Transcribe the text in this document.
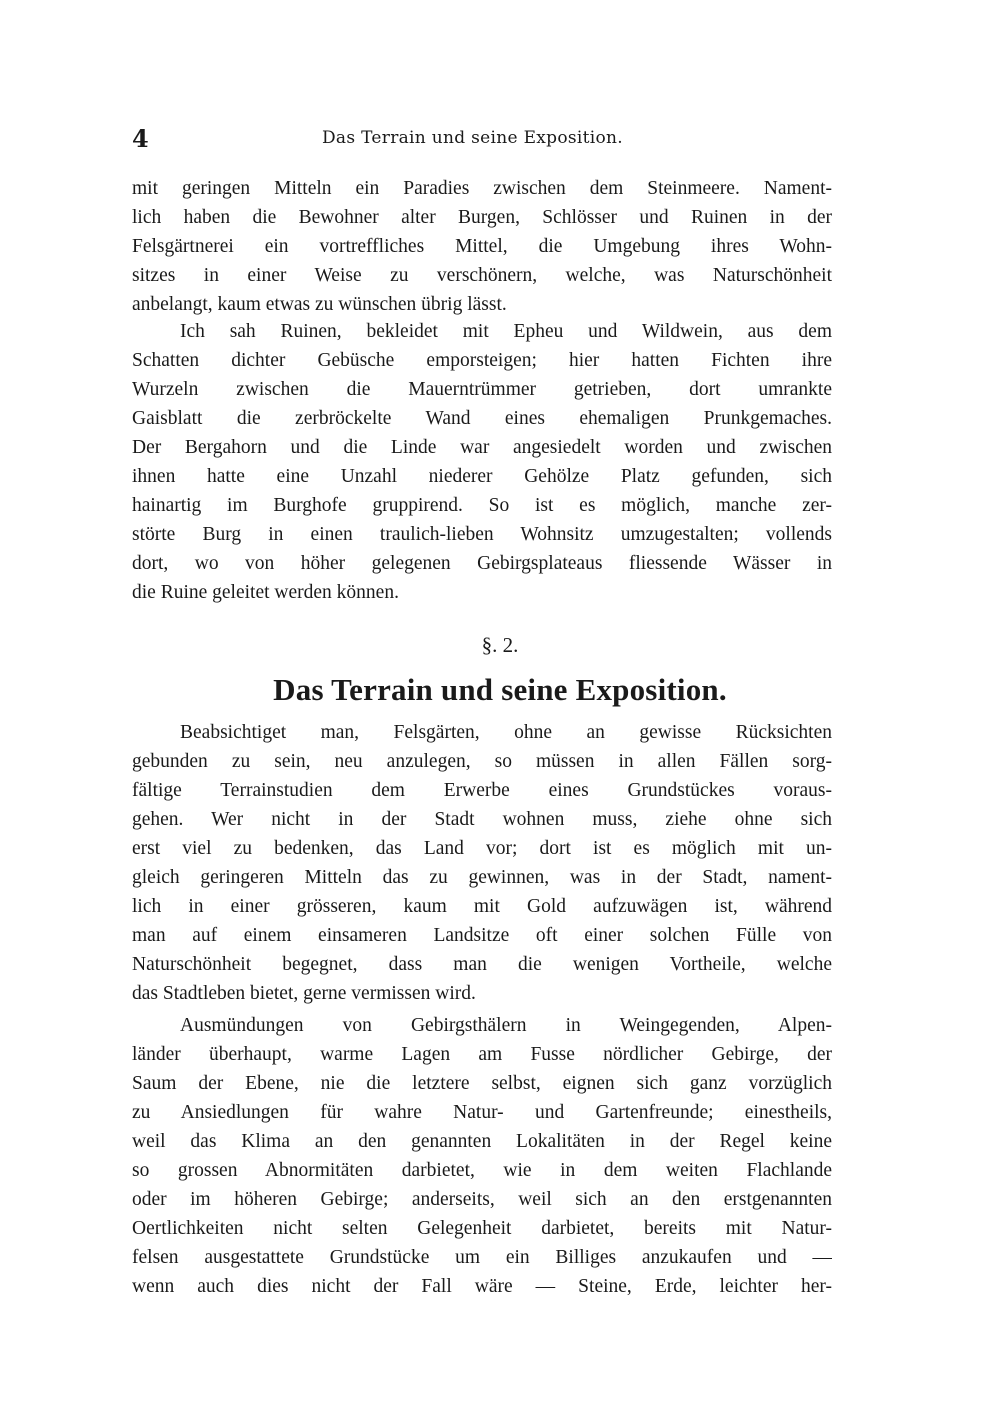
4	Das Terrain und seine Exposition.
mit geringen Mitteln ein Paradies zwischen dem Steinmeere. Nament-
lich haben die Bewohner alter Burgen, Schlösser und Ruinen in der
Felsgärtnerei ein vortreffliches Mittel, die Umgebung ihres Wohn-
sitzes in einer Weise zu verschönern, welche, was Naturschönheit
anbelangt, kaum etwas zu wünschen übrig lässt.
Ich sah Ruinen, bekleidet mit Epheu und Wildwein, aus dem
Schatten dichter Gebüsche emporsteigen; hier hatten Fichten ihre
Wurzeln zwischen die Mauerntrümmer getrieben, dort umrankte
Gaisblatt die zerbröckelte Wand eines ehemaligen Prunkgemaches.
Der Bergahorn und die Linde war angesiedelt worden und zwischen
ihnen hatte eine Unzahl niederer Gehölze Platz gefunden, sich
hainartig im Burghofe gruppirend. So ist es möglich, manche zer-
störte Burg in einen traulich-lieben Wohnsitz umzugestalten; vollends
dort, wo von höher gelegenen Gebirgsplateaus fliessende Wässer in
die Ruine geleitet werden können.
§. 2.
Das Terrain und seine Exposition.
Beabsichtiget man, Felsgärten, ohne an gewisse Rücksichten
gebunden zu sein, neu anzulegen, so müssen in allen Fällen sorg-
fältige Terrainstudien dem Erwerbe eines Grundstückes voraus-
gehen. Wer nicht in der Stadt wohnen muss, ziehe ohne sich
erst viel zu bedenken, das Land vor; dort ist es möglich mit un-
gleich geringeren Mitteln das zu gewinnen, was in der Stadt, nament-
lich in einer grösseren, kaum mit Gold aufzuwägen ist, während
man auf einem einsameren Landsitze oft einer solchen Fülle von
Naturschönheit begegnet, dass man die wenigen Vortheile, welche
das Stadtleben bietet, gerne vermissen wird.
Ausmündungen von Gebirgsthälern in Weingegenden, Alpen-
länder überhaupt, warme Lagen am Fusse nördlicher Gebirge, der
Saum der Ebene, nie die letztere selbst, eignen sich ganz vorzüglich
zu Ansiedlungen für wahre Natur- und Gartenfreunde; einestheils,
weil das Klima an den genannten Lokalitäten in der Regel keine
so grossen Abnormitäten darbietet, wie in dem weiten Flachlande
oder im höheren Gebirge; anderseits, weil sich an den erstgenannten
Oertlichkeiten nicht selten Gelegenheit darbietet, bereits mit Natur-
felsen ausgestattete Grundstücke um ein Billiges anzukaufen und —
wenn auch dies nicht der Fall wäre — Steine, Erde, leichter her-
